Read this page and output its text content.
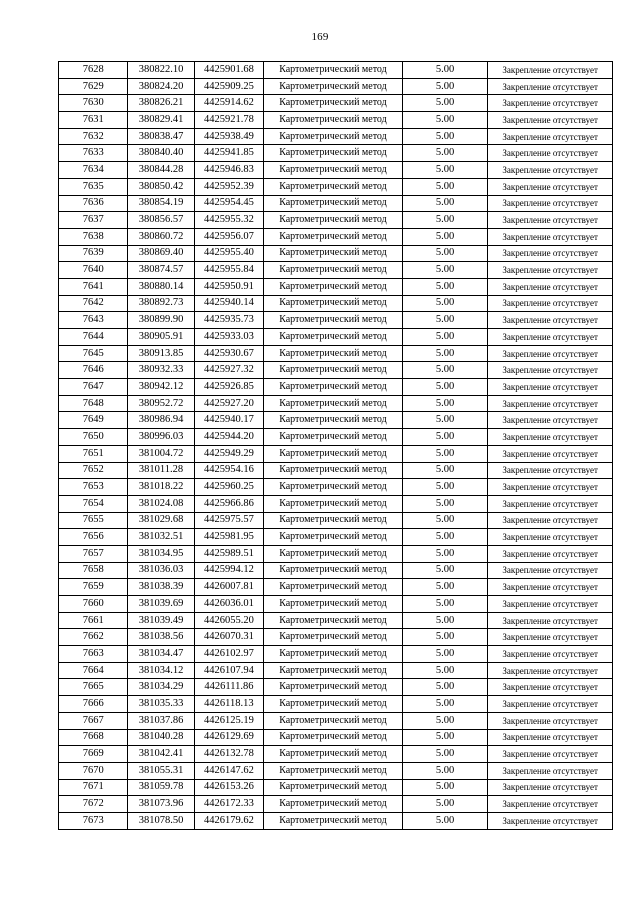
169
7628	380822.10	4425901.68	Картометрический метод	5.00	Закрепление отсутствует
7629	380824.20	4425909.25	Картометрический метод	5.00	Закрепление отсутствует
7630	380826.21	4425914.62	Картометрический метод	5.00	Закрепление отсутствует
7631	380829.41	4425921.78	Картометрический метод	5.00	Закрепление отсутствует
7632	380838.47	4425938.49	Картометрический метод	5.00	Закрепление отсутствует
7633	380840.40	4425941.85	Картометрический метод	5.00	Закрепление отсутствует
7634	380844.28	4425946.83	Картометрический метод	5.00	Закрепление отсутствует
7635	380850.42	4425952.39	Картометрический метод	5.00	Закрепление отсутствует
7636	380854.19	4425954.45	Картометрический метод	5.00	Закрепление отсутствует
7637	380856.57	4425955.32	Картометрический метод	5.00	Закрепление отсутствует
7638	380860.72	4425956.07	Картометрический метод	5.00	Закрепление отсутствует
7639	380869.40	4425955.40	Картометрический метод	5.00	Закрепление отсутствует
7640	380874.57	4425955.84	Картометрический метод	5.00	Закрепление отсутствует
7641	380880.14	4425950.91	Картометрический метод	5.00	Закрепление отсутствует
7642	380892.73	4425940.14	Картометрический метод	5.00	Закрепление отсутствует
7643	380899.90	4425935.73	Картометрический метод	5.00	Закрепление отсутствует
7644	380905.91	4425933.03	Картометрический метод	5.00	Закрепление отсутствует
7645	380913.85	4425930.67	Картометрический метод	5.00	Закрепление отсутствует
7646	380932.33	4425927.32	Картометрический метод	5.00	Закрепление отсутствует
7647	380942.12	4425926.85	Картометрический метод	5.00	Закрепление отсутствует
7648	380952.72	4425927.20	Картометрический метод	5.00	Закрепление отсутствует
7649	380986.94	4425940.17	Картометрический метод	5.00	Закрепление отсутствует
7650	380996.03	4425944.20	Картометрический метод	5.00	Закрепление отсутствует
7651	381004.72	4425949.29	Картометрический метод	5.00	Закрепление отсутствует
7652	381011.28	4425954.16	Картометрический метод	5.00	Закрепление отсутствует
7653	381018.22	4425960.25	Картометрический метод	5.00	Закрепление отсутствует
7654	381024.08	4425966.86	Картометрический метод	5.00	Закрепление отсутствует
7655	381029.68	4425975.57	Картометрический метод	5.00	Закрепление отсутствует
7656	381032.51	4425981.95	Картометрический метод	5.00	Закрепление отсутствует
7657	381034.95	4425989.51	Картометрический метод	5.00	Закрепление отсутствует
7658	381036.03	4425994.12	Картометрический метод	5.00	Закрепление отсутствует
7659	381038.39	4426007.81	Картометрический метод	5.00	Закрепление отсутствует
7660	381039.69	4426036.01	Картометрический метод	5.00	Закрепление отсутствует
7661	381039.49	4426055.20	Картометрический метод	5.00	Закрепление отсутствует
7662	381038.56	4426070.31	Картометрический метод	5.00	Закрепление отсутствует
7663	381034.47	4426102.97	Картометрический метод	5.00	Закрепление отсутствует
7664	381034.12	4426107.94	Картометрический метод	5.00	Закрепление отсутствует
7665	381034.29	4426111.86	Картометрический метод	5.00	Закрепление отсутствует
7666	381035.33	4426118.13	Картометрический метод	5.00	Закрепление отсутствует
7667	381037.86	4426125.19	Картометрический метод	5.00	Закрепление отсутствует
7668	381040.28	4426129.69	Картометрический метод	5.00	Закрепление отсутствует
7669	381042.41	4426132.78	Картометрический метод	5.00	Закрепление отсутствует
7670	381055.31	4426147.62	Картометрический метод	5.00	Закрепление отсутствует
7671	381059.78	4426153.26	Картометрический метод	5.00	Закрепление отсутствует
7672	381073.96	4426172.33	Картометрический метод	5.00	Закрепление отсутствует
7673	381078.50	4426179.62	Картометрический метод	5.00	Закрепление отсутствует
